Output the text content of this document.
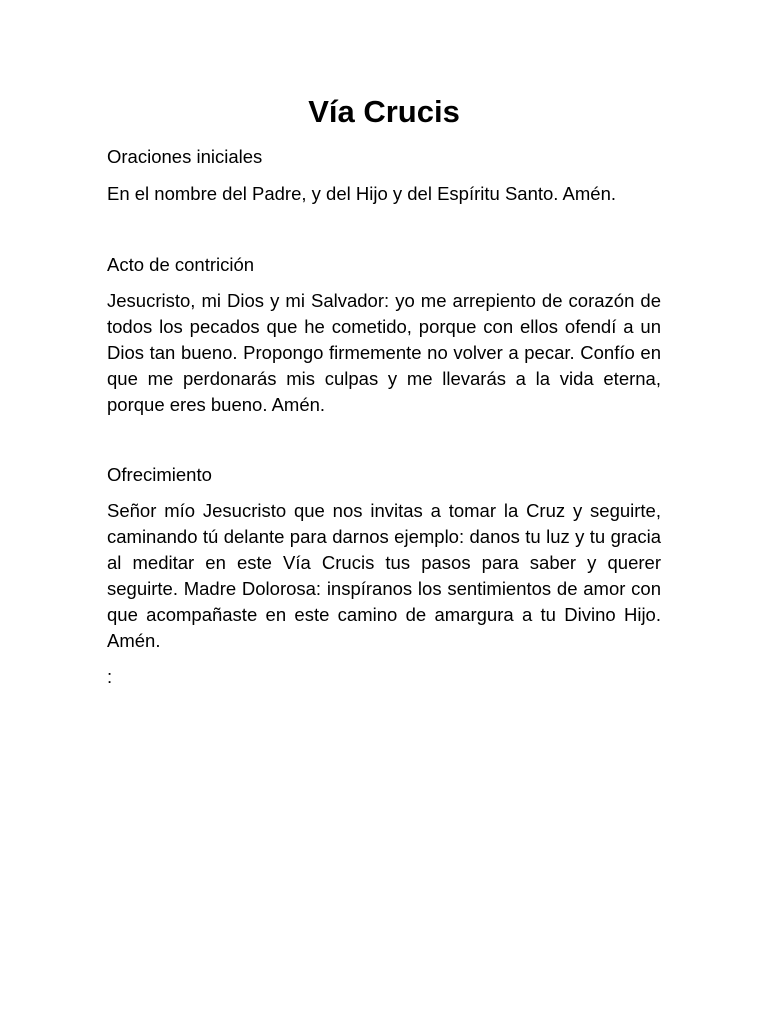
Vía Crucis

Oraciones iniciales

En el nombre del Padre, y del Hijo y del Espíritu Santo. Amén.

Acto de contrición

Jesucristo, mi Dios y mi Salvador: yo me arrepiento de corazón de todos los pecados que he cometido, porque con ellos ofendí a un Dios tan bueno. Propongo firmemente no volver a pecar. Confío en que me perdonarás mis culpas y me llevarás a la vida eterna, porque eres bueno. Amén.

Ofrecimiento

Señor mío Jesucristo que nos invitas a tomar la Cruz y seguirte, caminando tú delante para darnos ejemplo: danos tu luz y tu gracia al meditar en este Vía Crucis tus pasos para saber y querer seguirte. Madre Dolorosa: inspíranos los sentimientos de amor con que acompañaste en este camino de amargura a tu Divino Hijo. Amén.

:
